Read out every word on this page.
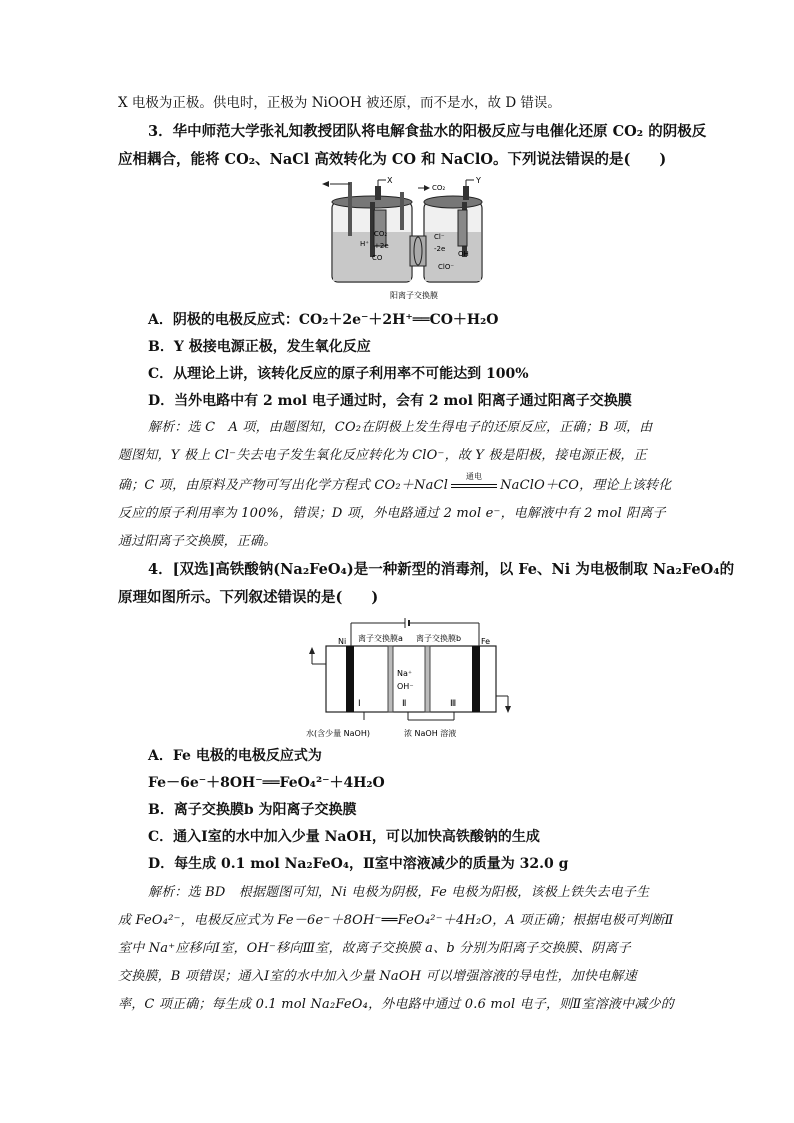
X 电极为正极。供电时，正极为 NiOOH 被还原，而不是水，故 D 错误。
3．华中师范大学张礼知教授团队将电解食盐水的阳极反应与电催化还原 CO₂ 的阴极反
应相耦合，能将 CO₂、NaCl 高效转化为 CO 和 NaClO。下列说法错误的是(　　)
X
CO₂
Y
CO₂
H⁺ +2e
CO
Cl⁻
-2e
OH
ClO⁻
阳离子交换膜
A．阴极的电极反应式：CO₂＋2e⁻＋2H⁺══CO＋H₂O
B．Y 极接电源正极，发生氧化反应
C．从理论上讲，该转化反应的原子利用率不可能达到 100%
D．当外电路中有 2 mol 电子通过时，会有 2 mol 阳离子通过阳离子交换膜
解析：选 C　A 项，由题图知，CO₂在阴极上发生得电子的还原反应，正确；B 项，由
题图知，Y 极上 Cl⁻失去电子发生氧化反应转化为 ClO⁻，故 Y 极是阳极，接电源正极，正
确；C 项，由原料及产物可写出化学方程式 CO₂＋NaCl
通电
NaClO＋CO，理论上该转化
反应的原子利用率为 100%，错误；D 项，外电路通过 2 mol e⁻，电解液中有 2 mol 阳离子
通过阳离子交换膜，正确。
4．[双选]高铁酸钠(Na₂FeO₄)是一种新型的消毒剂，以 Fe、Ni 为电极制取 Na₂FeO₄的
原理如图所示。下列叙述错误的是(　　)
Ni	Fe
离子交换膜a 离子交换膜b
Na⁺
OH⁻
Ⅰ	Ⅱ	Ⅲ
水(含少量 NaOH)	浓 NaOH 溶液
A．Fe 电极的电极反应式为
Fe－6e⁻＋8OH⁻══FeO₄²⁻＋4H₂O
B．离子交换膜b 为阳离子交换膜
C．通入Ⅰ室的水中加入少量 NaOH，可以加快高铁酸钠的生成
D．每生成 0.1 mol Na₂FeO₄，Ⅱ室中溶液减少的质量为 32.0 g
解析：选 BD　根据题图可知，Ni 电极为阴极，Fe 电极为阳极，该极上铁失去电子生
成 FeO₄²⁻，电极反应式为 Fe－6e⁻＋8OH⁻══FeO₄²⁻＋4H₂O，A 项正确；根据电极可判断Ⅱ
室中 Na⁺应移向Ⅰ室，OH⁻移向Ⅲ室，故离子交换膜 a、b 分别为阳离子交换膜、阴离子
交换膜，B 项错误；通入Ⅰ室的水中加入少量 NaOH 可以增强溶液的导电性，加快电解速
率，C 项正确；每生成 0.1 mol Na₂FeO₄，外电路中通过 0.6 mol 电子，则Ⅱ室溶液中减少的
